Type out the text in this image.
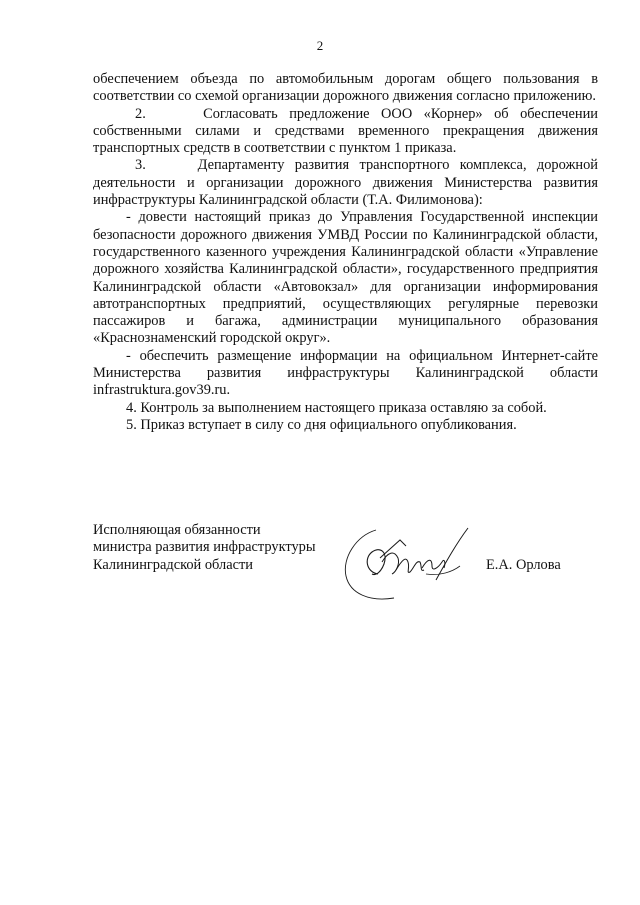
2

обеспечением объезда по автомобильным дорогам общего пользования в соответствии со схемой организации дорожного движения согласно приложению.

2.     Согласовать предложение ООО «Корнер» об обеспечении собственными силами и средствами временного прекращения движения транспортных средств в соответствии с пунктом 1 приказа.

3.     Департаменту развития транспортного комплекса, дорожной деятельности и организации дорожного движения Министерства развития инфраструктуры Калининградской области (Т.А. Филимонова):

- довести настоящий приказ до Управления Государственной инспекции безопасности дорожного движения УМВД России по Калининградской области, государственного казенного учреждения Калининградской области «Управление дорожного хозяйства Калининградской области», государственного предприятия Калининградской области «Автовокзал» для организации информирования автотранспортных предприятий, осуществляющих регулярные перевозки пассажиров и багажа, администрации муниципального образования «Краснознаменский городской округ».

- обеспечить размещение информации на официальном Интернет-сайте Министерства развития инфраструктуры Калининградской области infrastruktura.gov39.ru.

4. Контроль за выполнением настоящего приказа оставляю за собой.

5. Приказ вступает в силу со дня официального опубликования.

Исполняющая обязанности
министра развития инфраструктуры
Калининградской области	Е.А. Орлова
